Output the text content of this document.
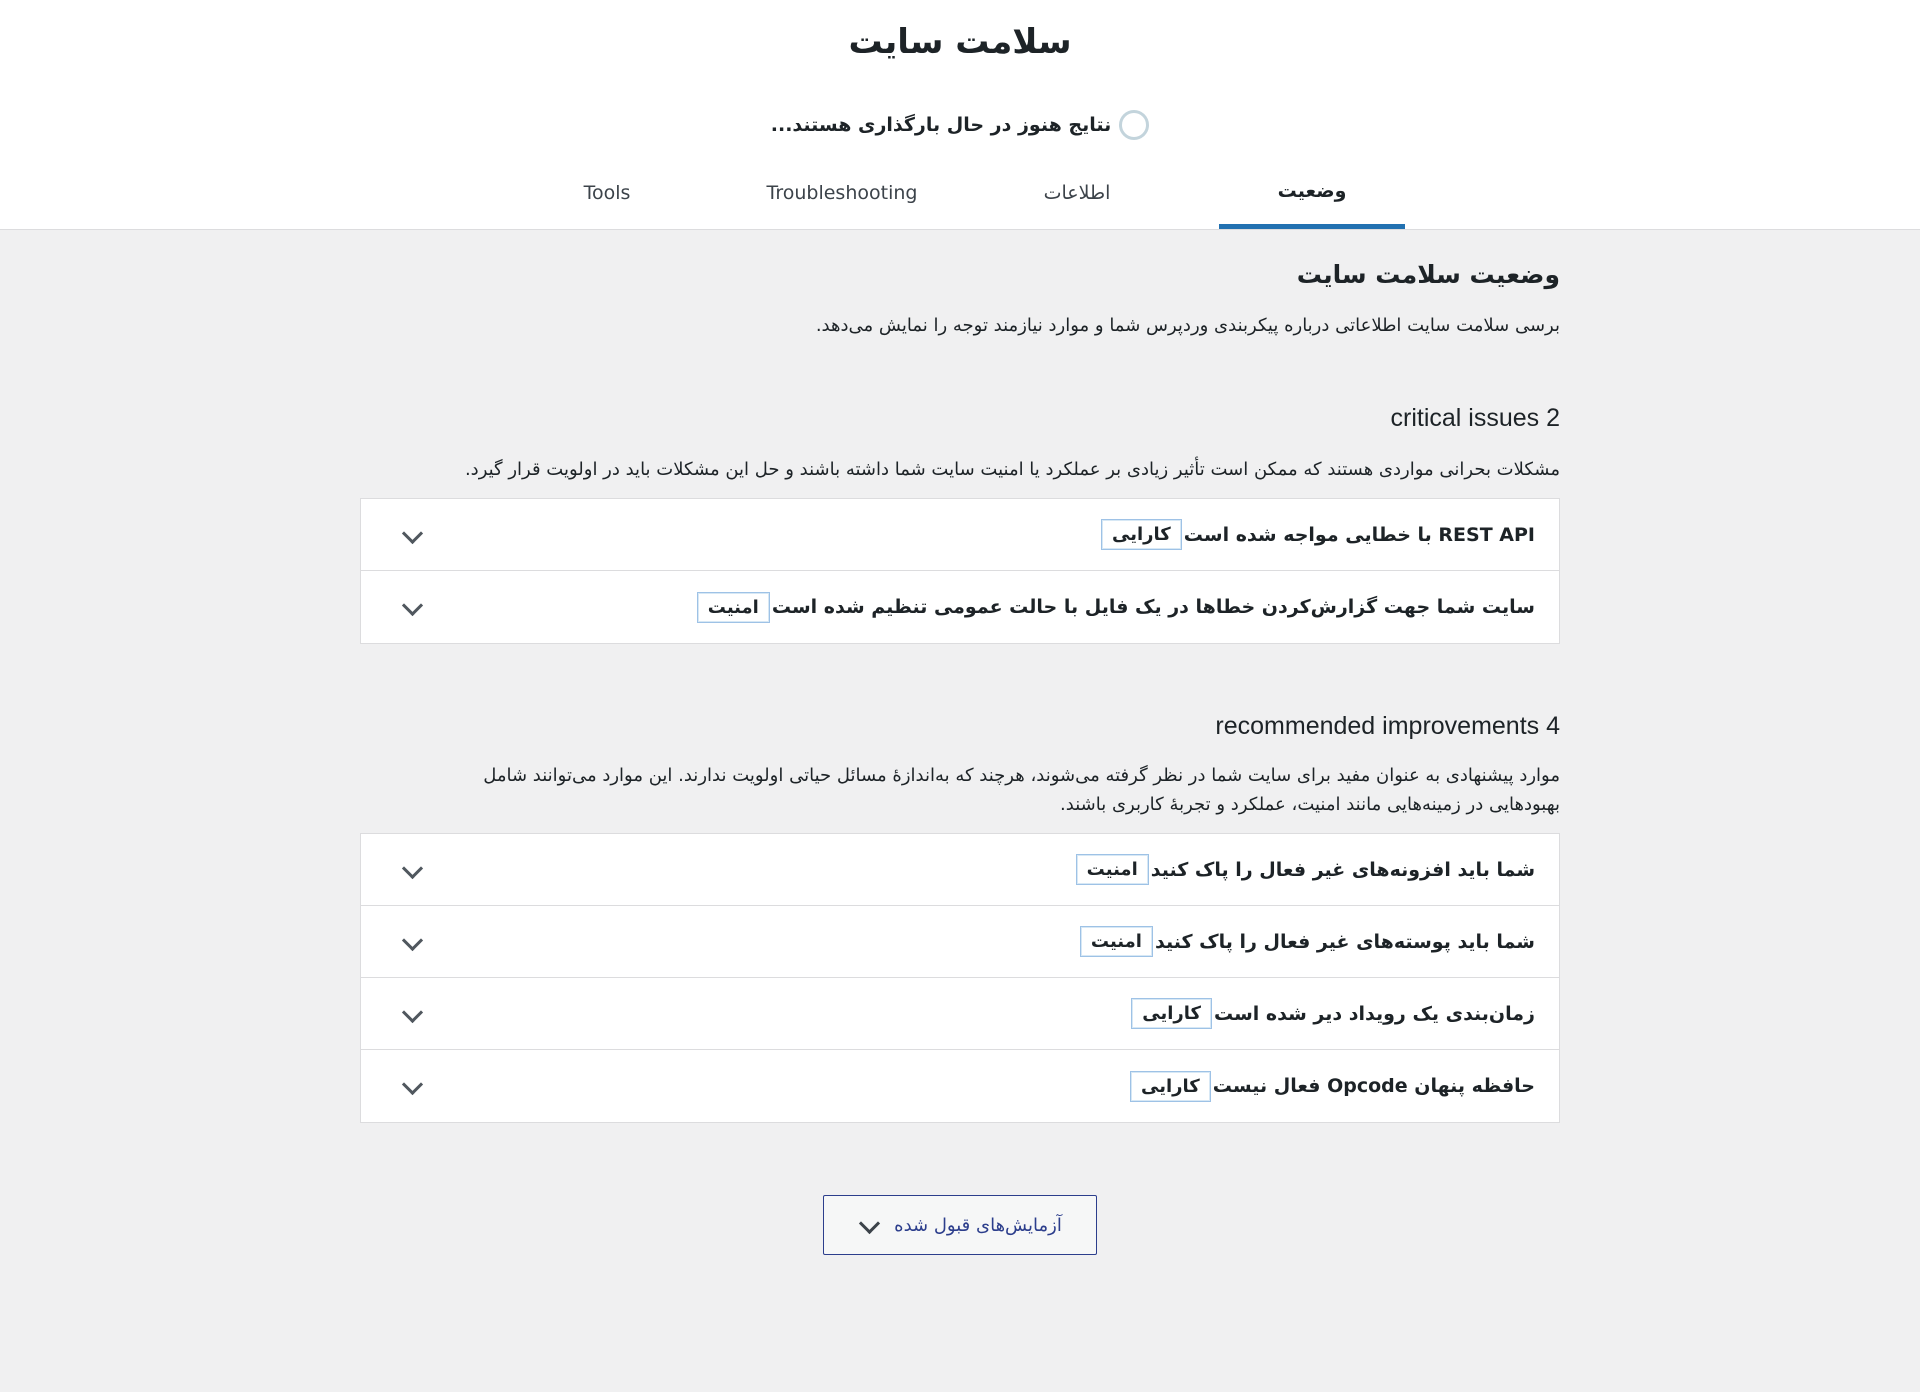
سلامت سایت
نتایج هنوز در حال بارگذاری هستند...
وضعیت
اطلاعات
Troubleshooting
Tools
وضعیت سلامت سایت

برسی سلامت سایت اطلاعاتی درباره پیکربندی وردپرس شما و موارد نیازمند توجه را نمایش می‌دهد.

critical issues 2

مشکلات بحرانی مواردی هستند که ممکن است تأثیر زیادی بر عملکرد یا امنیت سایت شما داشته باشند و حل این مشکلات باید در اولویت قرار گیرد.

REST API با خطایی مواجه شده است
کارایی
سایت شما جهت گزارش‌کردن خطاها در یک فایل با حالت عمومی تنظیم شده است
امنیت
recommended improvements 4

موارد پیشنهادی به عنوان مفید برای سایت شما در نظر گرفته می‌شوند، هرچند که به‌اندازهٔ مسائل حیاتی اولویت ندارند. این موارد می‌توانند شامل
بهبودهایی در زمینه‌هایی مانند امنیت، عملکرد و تجربهٔ کاربری باشند.

شما باید افزونه‌های غیر فعال را پاک کنید
امنیت
شما باید پوسته‌های غیر فعال را پاک کنید
امنیت
زمان‌بندی یک رویداد دیر شده است
کارایی
حافظه پنهان Opcode فعال نیست
کارایی
آزمایش‌های قبول شده
